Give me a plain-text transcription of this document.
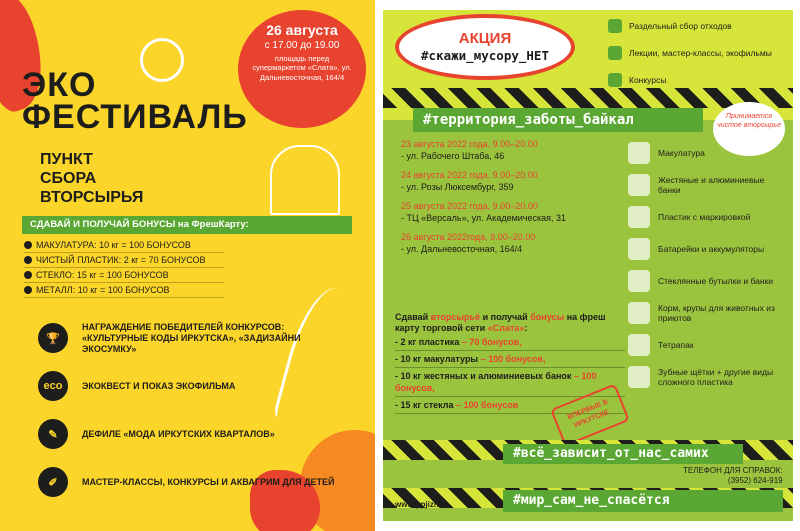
26 августа
с 17.00 до 19.00
площадь перед супермаркетом «Слата», ул. Дальневосточная, 164/4
ЭКО
ФЕСТИВАЛЬ
ПУНКТ
СБОРА
ВТОРСЫРЬЯ
СДАВАЙ И ПОЛУЧАЙ БОНУСЫ на ФрешКарту:
МАКУЛАТУРА: 10 кг = 100 БОНУСОВ
ЧИСТЫЙ ПЛАСТИК: 2 кг = 70 БОНУСОВ
СТЕКЛО: 15 кг = 100 БОНУСОВ
МЕТАЛЛ: 10 кг = 100 БОНУСОВ
🏆
НАГРАЖДЕНИЕ ПОБЕДИТЕЛЕЙ КОНКУРСОВ: «КУЛЬТУРНЫЕ КОДЫ ИРКУТСКА», «ЗАДИЗАЙНИ ЭКОСУМКУ»
eco	ЭКОКВЕСТ И ПОКАЗ ЭКОФИЛЬМА
✎	ДЕФИЛЕ «МОДА ИРКУТСКИХ КВАРТАЛОВ»
✐	МАСТЕР-КЛАССЫ, КОНКУРСЫ И АКВАГРИМ ДЛЯ ДЕТЕЙ
АКЦИЯ
#скажи_мусору_НЕТ
Раздельный сбор отходов
Лекции, мастер-классы, экофильмы
Конкурсы
#территория_заботы_байкал	Принимается чистое вторсырье
23 августа 2022 года, 9.00–20.00
- ул. Рабочего Штаба, 46
24 августа 2022 года, 9.00–20.00
- ул. Розы Люксембург, 359
25 августа 2022 года, 9.00–20.00
- ТЦ «Версаль», ул. Академическая, 31
26 августа 2022года, 9.00–20.00
- ул. Дальневосточная, 164/4
Макулатура
Жестяные и алюминиевые банки
Пластик с маркировкой
Батарейки и аккумуляторы
Стеклянные бутылки и банки
Корм, крупы для животных из приютов
Тетрапак
Зубные щётки + другие виды сложного пластика
Сдавай вторсырьё и получай бонусы на фреш карту торговой сети «Слата»:
- 2 кг пластика – 70 бонусов,
- 10 кг макулатуры – 100 бонусов,
- 10 кг жестяных и алюминиевых банок – 100 бонусов,
- 15 кг стекла – 100 бонусов	ВПЕРВЫЕ В ИРКУТСКЕ
#всё_зависит_от_нас_самих
ТЕЛЕФОН ДЛЯ СПРАВОК:
(3952) 624-919
#мир_сам_не_спасётся
www.ppjizn.ru
